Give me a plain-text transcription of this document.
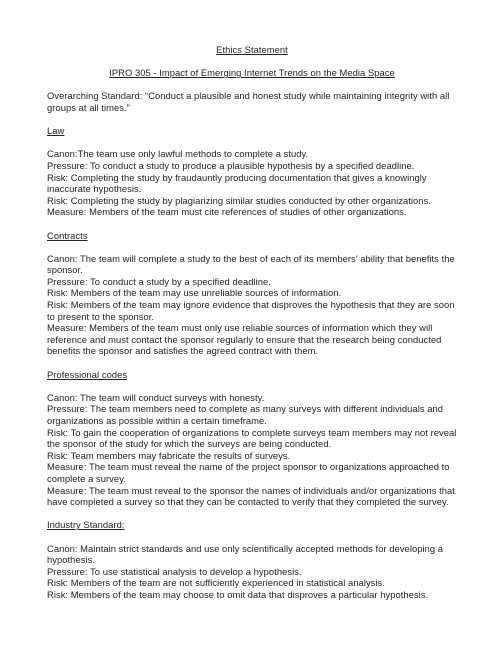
Ethics Statement

IPRO 305 - Impact of Emerging Internet Trends on the Media Space

Overarching Standard: “Conduct a plausible and honest study while maintaining integrity with all groups at all times.”

Law

Canon:The team use only lawful methods to complete a study.

Pressure: To conduct a study to produce a plausible hypothesis by a specified deadline.

Risk: Completing the study by fraudauntly producing documentation that gives a knowingly inaccurate hypothesis.

Risk: Completing the study by plagiarizing similar studies conducted by other organizations.

Measure: Members of the team must cite references of studies of other organizations.

Contracts

Canon: The team will complete a study to the best of each of its members’ ability that benefits the sponsor.

Pressure: To conduct a study by a specified deadline.

Risk: Members of the team may use unreliable sources of information.

Risk: Members of the team may ignore evidence that disproves the hypothesis that they are soon to present to the sponsor.

Measure: Members of the team must only use reliable sources of information which they will reference and must contact the sponsor regularly to ensure that the research being conducted benefits the sponsor and satisfies the agreed contract with them.

Professional codes

Canon: The team will conduct surveys with honesty.

Pressure: The team members need to complete as many surveys with different individuals and organizations as possible within a certain timeframe.

Risk: To gain the cooperation of organizations to complete surveys team members may not reveal the sponsor of the study for which the surveys are being conducted.

Risk: Team members may fabricate the results of surveys.

Measure: The team must reveal the name of the project sponsor to organizations approached to complete a survey.

Measure: The team must reveal to the sponsor the names of individuals and/or organizations that have completed a survey so that they can be contacted to verify that they completed the survey.

Industry Standard:

Canon: Maintain strict standards and use only scientifically accepted methods for developing a hypothesis.

Pressure: To use statistical analysis to develop a hypothesis.

Risk: Members of the team are not sufficiently experienced in statistical analysis.

Risk: Members of the team may choose to omit data that disproves a particular hypothesis.
